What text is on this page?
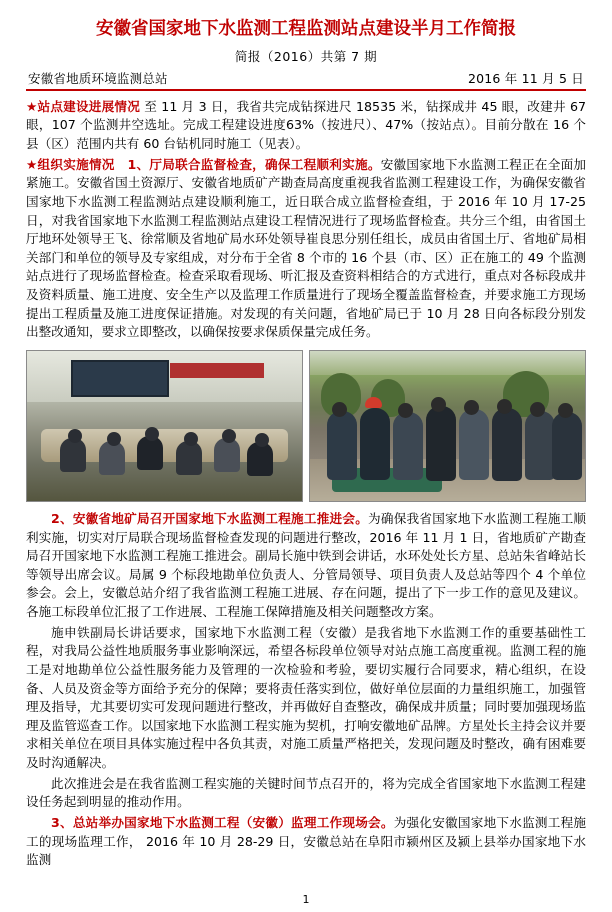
安徽省国家地下水监测工程监测站点建设半月工作简报
简报（2016）共第 7 期
安徽省地质环境监测总站	2016 年 11 月 5 日

★站点建设进展情况 至 11 月 3 日，我省共完成钻探进尺 18535 米，钻探成井 45 眼，改建井 67 眼，107 个监测井空选址。完成工程建设进度63%（按进尺）、47%（按站点）。目前分散在 16 个县（区）范围内共有 60 台钻机同时施工（见表）。

★组织实施情况　 1、厅局联合监督检查，确保工程顺利实施。安徽国家地下水监测工程正在全面加紧施工。安徽省国土资源厅、安徽省地质矿产勘查局高度重视我省监测工程建设工作，为确保安徽省国家地下水监测工程监测站点建设顺利施工，近日联合成立监督检查组，于 2016 年 10 月 17-25 日，对我省国家地下水监测工程监测站点建设工程情况进行了现场监督检查。共分三个组，由省国土厅地环处领导王飞、徐常顺及省地矿局水环处领导崔良思分别任组长，成员由省国土厅、省地矿局相关部门和单位的领导及专家组成，对分布于全省 8 个市的 16 个县（市、区）正在施工的 49 个监测站点进行了现场监督检查。检查采取看现场、听汇报及查资料相结合的方式进行，重点对各标段成井及资料质量、施工进度、安全生产以及监理工作质量进行了现场全覆盖监督检查，并要求施工方现场提出工程质量及施工进度保证措施。对发现的有关问题，省地矿局已于 10 月 28 日向各标段分别发出整改通知，要求立即整改，以确保按要求保质保量完成任务。

2、安徽省地矿局召开国家地下水监测工程施工推进会。为确保我省国家地下水监测工程施工顺利实施，切实对厅局联合现场监督检查发现的问题进行整改，2016 年 11 月 1 日，省地质矿产勘查局召开国家地下水监测工程施工推进会。副局长施中铁到会讲话，水环处处长方星、总站朱省峰站长等领导出席会议。局属 9 个标段地勘单位负责人、分管局领导、项目负责人及总站等四个 4 个单位参会。会上，安徽总站介绍了我省监测工程施工进展、存在问题，提出了下一步工作的意见及建议。各施工标段单位汇报了工作进展、工程施工保障措施及相关问题整改方案。

施申铁副局长讲话要求，国家地下水监测工程（安徽）是我省地下水监测工作的重要基础性工程，对我局公益性地质服务事业影响深远，希望各标段单位领导对站点施工高度重视。监测工程的施工是对地勘单位公益性服务能力及管理的一次检验和考验，要切实履行合同要求，精心组织，在设备、人员及资金等方面给予充分的保障；要将责任落实到位，做好单位层面的力量组织施工，加强管理及指导，尤其要切实可发现问题进行整改，并再做好自查整改，确保成井质量；同时要加强现场监理及监管巡查工作。以国家地下水监测工程实施为契机，打响安徽地矿品牌。方星处长主持会议并要求相关单位在项目具体实施过程中各负其责，对施工质量严格把关，发现问题及时整改，确有困难要及时沟通解决。

此次推进会是在我省监测工程实施的关键时间节点召开的，将为完成全省国家地下水监测工程建设任务起到明显的推动作用。

3、总站举办国家地下水监测工程（安徽）监理工作现场会。为强化安徽国家地下水监测工程施工的现场监理工作， 2016 年 10 月 28-29 日，安徽总站在阜阳市颍州区及颍上县举办国家地下水监测

1
